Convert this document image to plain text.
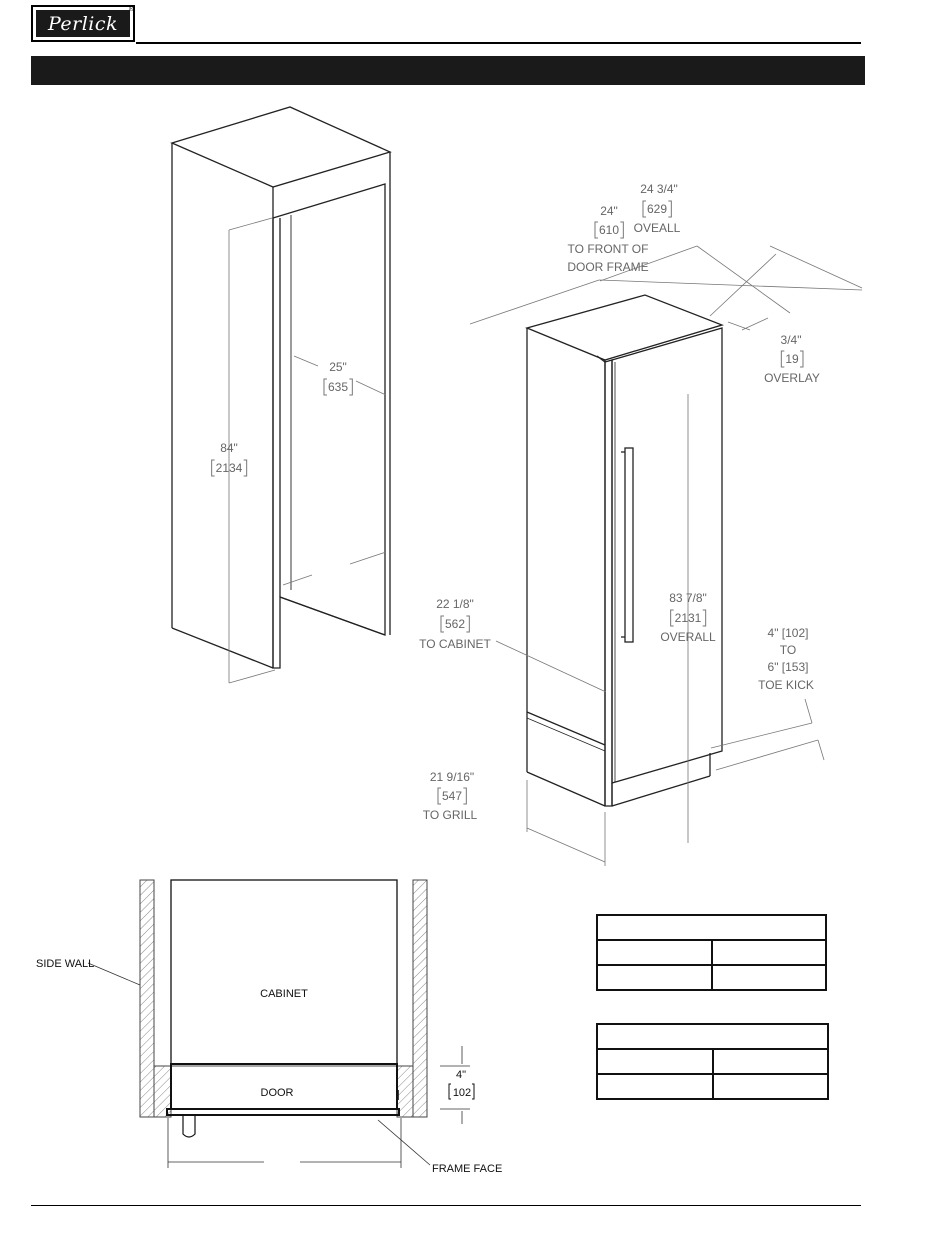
Perlick
®
84"
2134
25"
635
24 3/4"
629
OVEALL
24"
610
TO FRONT OF
DOOR FRAME
3/4"
19
OVERLAY
83 7/8"
2131
OVERALL
22 1/8"
562
TO CABINET
4" [102]
TO
6" [153]
TOE KICK
21 9/16"
547
TO GRILL
SIDE WALL
CABINET
DOOR
4"
102
FRAME FACE
